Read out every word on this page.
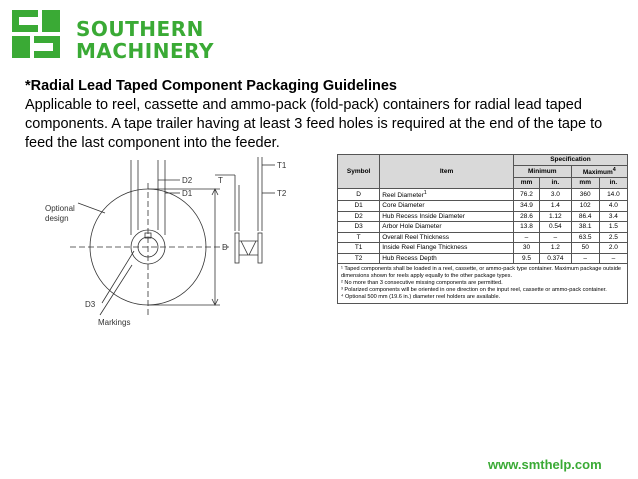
SOUTHERN
MACHINERY
*Radial Lead Taped Component Packaging Guidelines
Applicable to reel, cassette and ammo-pack (fold-pack) containers for radial lead taped components. A tape trailer having at least 3 feed holes is required at the end of the tape to feed the last component into the feeder.
D2
D1
T
T1
T2
D
D3
Optional
design
Markings
Symbol	Item	Specification			
		Minimum		Maximum$^4$
		mm	in.	mm	in.
D	Reel Diameter$^1$	76.2	3.0	360	14.0
D1	Core Diameter	34.9	1.4	102	4.0
D2	Hub Recess Inside Diameter	28.6	1.12	86.4	3.4
D3	Arbor Hole Diameter	13.8	0.54	38.1	1.5
T	Overall Reel Thickness	–	–	63.5	2.5
T1	Inside Reel Flange Thickness	30	1.2	50	2.0
T2	Hub Recess Depth	9.5	0.374	–	–
¹ Taped components shall be loaded in a reel, cassette, or ammo-pack type container. Maximum package outside dimensions shown for reels apply equally to the other package types.
² No more than 3 consecutive missing components are permitted.
³ Polarized components will be oriented in one direction on the input reel, cassette or ammo-pack container.
⁴ Optional 500 mm (19.6 in.) diameter reel holders are available.
www.smthelp.com
